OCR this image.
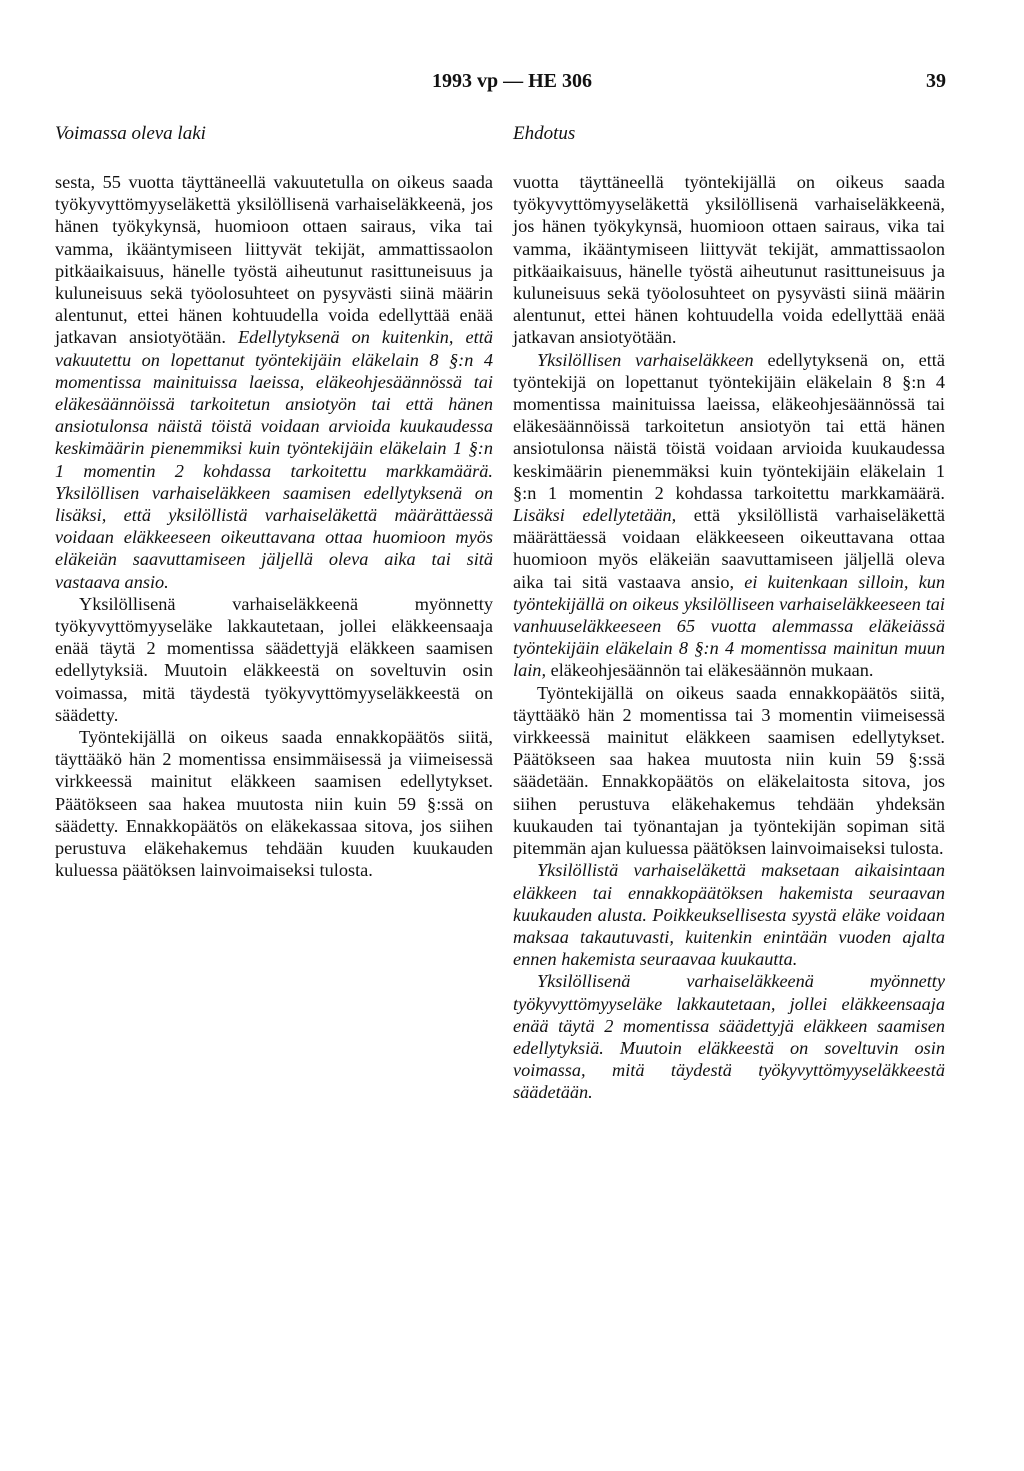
1993 vp — HE 306	39
Voimassa oleva laki	Ehdotus

sesta, 55 vuotta täyttäneellä vakuutetulla on oikeus saada työkyvyttömyyseläkettä yksilöllisenä varhaiseläkkeenä, jos hänen työkykynsä, huomioon ottaen sairaus, vika tai vamma, ikääntymiseen liittyvät tekijät, ammattissaolon pitkäaikaisuus, hänelle työstä aiheutunut rasittuneisuus ja kuluneisuus sekä työolosuhteet on pysyvästi siinä määrin alentunut, ettei hänen kohtuudella voida edellyttää enää jatkavan ansiotyötään. Edellytyksenä on kuitenkin, että vakuutettu on lopettanut työntekijäin eläkelain 8 §:n 4 momentissa mainituissa laeissa, eläkeohjesäännössä tai eläkesäännöissä tarkoitetun ansiotyön tai että hänen ansiotulonsa näistä töistä voidaan arvioida kuukaudessa keskimäärin pienemmiksi kuin työntekijäin eläkelain 1 §:n 1 momentin 2 kohdassa tarkoitettu markkamäärä. Yksilöllisen varhaiseläkkeen saamisen edellytyksenä on lisäksi, että yksilöllistä varhaiseläkettä määrättäessä voidaan eläkkeeseen oikeuttavana ottaa huomioon myös eläkeiän saavuttamiseen jäljellä oleva aika tai sitä vastaava ansio.

Yksilöllisenä varhaiseläkkeenä myönnetty työkyvyttömyyseläke lakkautetaan, jollei eläkkeensaaja enää täytä 2 momentissa säädettyjä eläkkeen saamisen edellytyksiä. Muutoin eläkkeestä on soveltuvin osin voimassa, mitä täydestä työkyvyttömyyseläkkeestä on säädetty.

Työntekijällä on oikeus saada ennakkopäätös siitä, täyttääkö hän 2 momentissa ensimmäisessä ja viimeisessä virkkeessä mainitut eläkkeen saamisen edellytykset. Päätökseen saa hakea muutosta niin kuin 59 §:ssä on säädetty. Ennakkopäätös on eläkekassaa sitova, jos siihen perustuva eläkehakemus tehdään kuuden kuukauden kuluessa päätöksen lainvoimaiseksi tulosta.

vuotta täyttäneellä työntekijällä on oikeus saada työkyvyttömyyseläkettä yksilöllisenä varhaiseläkkeenä, jos hänen työkykynsä, huomioon ottaen sairaus, vika tai vamma, ikääntymiseen liittyvät tekijät, ammattissaolon pitkäaikaisuus, hänelle työstä aiheutunut rasittuneisuus ja kuluneisuus sekä työolosuhteet on pysyvästi siinä määrin alentunut, ettei hänen kohtuudella voida edellyttää enää jatkavan ansiotyötään.

Yksilöllisen varhaiseläkkeen edellytyksenä on, että työntekijä on lopettanut työntekijäin eläkelain 8 §:n 4 momentissa mainituissa laeissa, eläkeohjesäännössä tai eläkesäännöissä tarkoitetun ansiotyön tai että hänen ansiotulonsa näistä töistä voidaan arvioida kuukaudessa keskimäärin pienemmäksi kuin työntekijäin eläkelain 1 §:n 1 momentin 2 kohdassa tarkoitettu markkamäärä. Lisäksi edellytetään, että yksilöllistä varhaiseläkettä määrättäessä voidaan eläkkeeseen oikeuttavana ottaa huomioon myös eläkeiän saavuttamiseen jäljellä oleva aika tai sitä vastaava ansio, ei kuitenkaan silloin, kun työntekijällä on oikeus yksilölliseen varhaiseläkkeeseen tai vanhuuseläkkeeseen 65 vuotta alemmassa eläkeiässä työntekijäin eläkelain 8 §:n 4 momentissa mainitun muun lain, eläkeohjesäännön tai eläkesäännön mukaan.

Työntekijällä on oikeus saada ennakkopäätös siitä, täyttääkö hän 2 momentissa tai 3 momentin viimeisessä virkkeessä mainitut eläkkeen saamisen edellytykset. Päätökseen saa hakea muutosta niin kuin 59 §:ssä säädetään. Ennakkopäätös on eläkelaitosta sitova, jos siihen perustuva eläkehakemus tehdään yhdeksän kuukauden tai työnantajan ja työntekijän sopiman sitä pitemmän ajan kuluessa päätöksen lainvoimaiseksi tulosta.

Yksilöllistä varhaiseläkettä maksetaan aikaisintaan eläkkeen tai ennakkopäätöksen hakemista seuraavan kuukauden alusta. Poikkeuksellisesta syystä eläke voidaan maksaa takautuvasti, kuitenkin enintään vuoden ajalta ennen hakemista seuraavaa kuukautta.

Yksilöllisenä varhaiseläkkeenä myönnetty työkyvyttömyyseläke lakkautetaan, jollei eläkkeensaaja enää täytä 2 momentissa säädettyjä eläkkeen saamisen edellytyksiä. Muutoin eläkkeestä on soveltuvin osin voimassa, mitä täydestä työkyvyttömyyseläkkeestä säädetään.
